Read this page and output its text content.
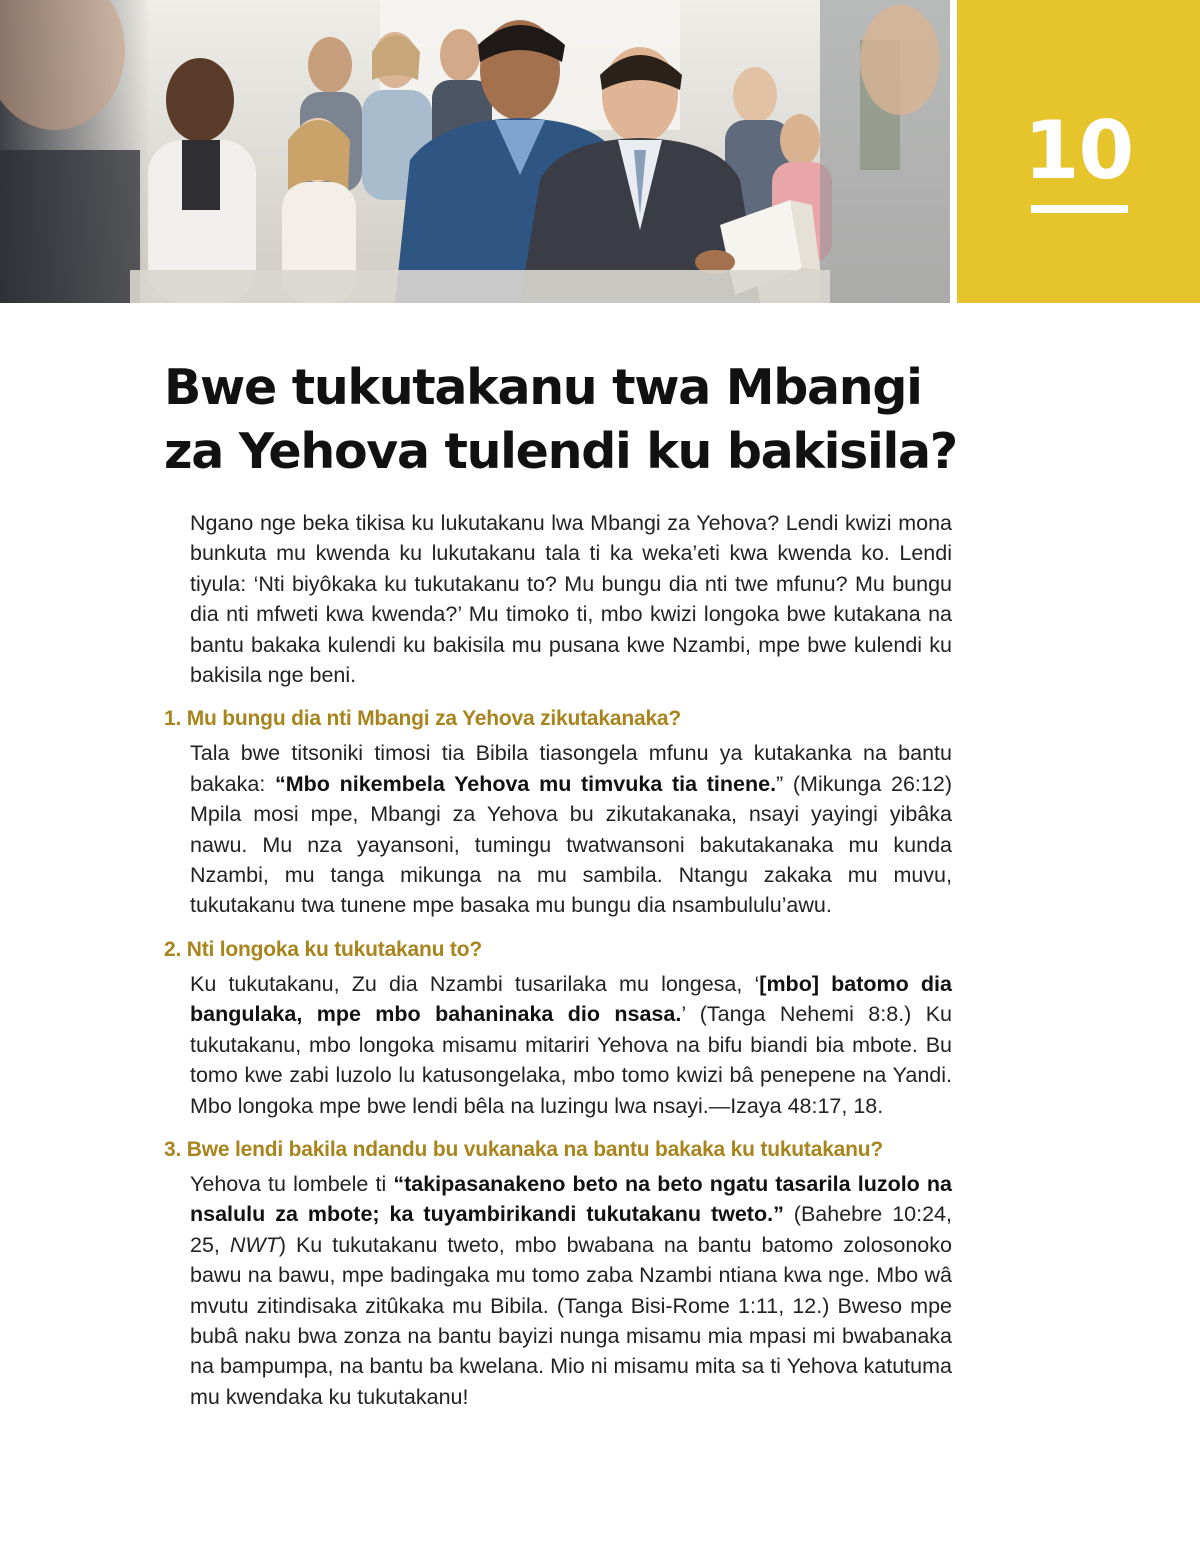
10
Bwe tukutakanu twa Mbangi
za Yehova tulendi ku bakisila?

Ngano nge beka tikisa ku lukutakanu lwa Mbangi za Yehova? Lendi kwizi mona bunkuta mu kwenda ku lukutakanu tala ti ka weka’eti kwa kwenda ko. Lendi tiyula: ‘Nti biyôkaka ku tukutakanu to? Mu bungu dia nti twe mfunu? Mu bungu dia nti mfweti kwa kwenda?’ Mu timoko ti, mbo kwizi longoka bwe kutakana na bantu bakaka kulendi ku bakisila mu pusana kwe Nzambi, mpe bwe kulendi ku bakisila nge beni.

1. Mu bungu dia nti Mbangi za Yehova zikutakanaka?

Tala bwe titsoniki timosi tia Bibila tiasongela mfunu ya kutakanka na bantu bakaka: “Mbo nikembela Yehova mu timvuka tia tinene.” (Mikunga 26:12) Mpila mosi mpe, Mbangi za Yehova bu zikutakanaka, nsayi yayingi yibâka nawu. Mu nza yayansoni, tumingu twatwansoni bakutakanaka mu kunda Nzambi, mu tanga mikunga na mu sambila. Ntangu zakaka mu muvu, tukutakanu twa tunene mpe basaka mu bungu dia nsambululu’awu.

2. Nti longoka ku tukutakanu to?

Ku tukutakanu, Zu dia Nzambi tusarilaka mu longesa, ‘[mbo] batomo dia bangulaka, mpe mbo bahaninaka dio nsasa.’ (Tanga Nehemi 8:8.) Ku tukutakanu, mbo longoka misamu mitariri Yehova na bifu biandi bia mbote. Bu tomo kwe zabi luzolo lu katusongelaka, mbo tomo kwizi bâ penepene na Yandi. Mbo longoka mpe bwe lendi bêla na luzingu lwa nsayi.—Izaya 48:17, 18.

3. Bwe lendi bakila ndandu bu vukanaka na bantu bakaka ku tukutakanu?

Yehova tu lombele ti “takipasanakeno beto na beto ngatu tasarila luzolo na nsalulu za mbote; ka tuyambirikandi tukutakanu tweto.” (Bahebre 10:24, 25, NWT) Ku tukutakanu tweto, mbo bwabana na bantu batomo zolosonoko bawu na bawu, mpe badingaka mu tomo zaba Nzambi ntiana kwa nge. Mbo wâ mvutu zitindisaka zitûkaka mu Bibila. (Tanga Bisi-Rome 1:11, 12.) Bweso mpe bubâ naku bwa zonza na bantu bayizi nunga misamu mia mpasi mi bwabanaka na bampumpa, na bantu ba kwelana. Mio ni misamu mita sa ti Yehova katutuma mu kwendaka ku tukutakanu!
